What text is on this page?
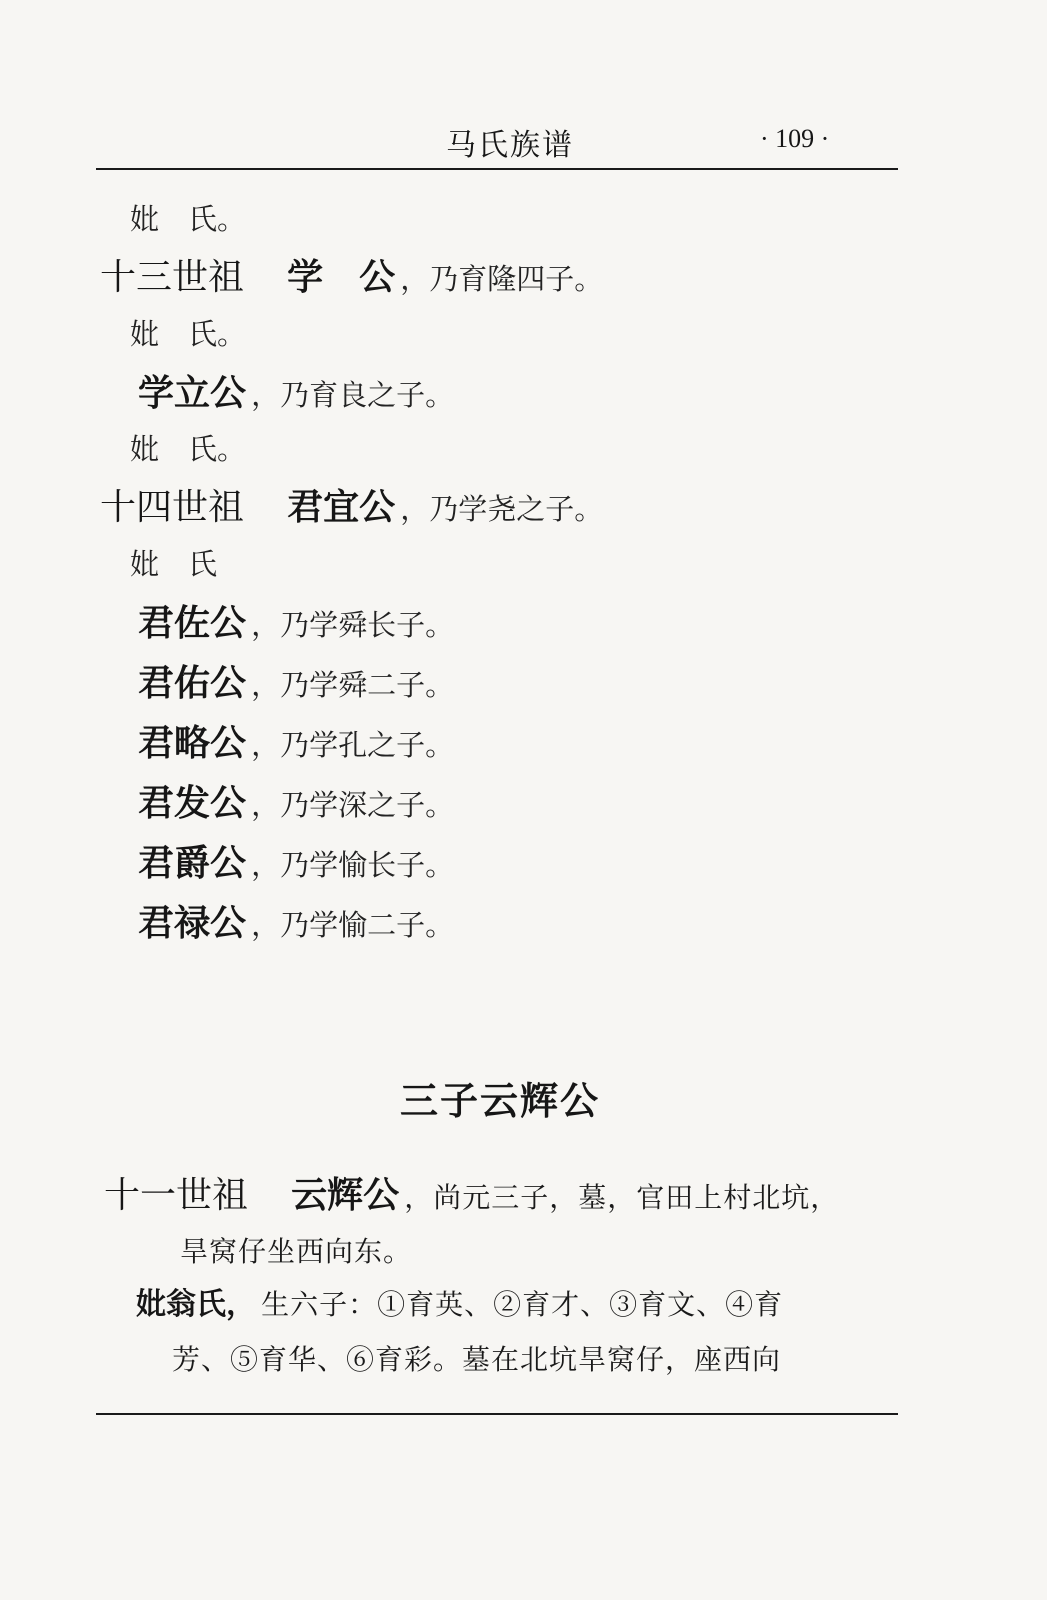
马氏族谱	· 109 ·
妣　氏。
十三世祖 学　公 ，乃育隆四子。
妣　氏。
学立公 ，乃育良之子。
妣　氏。
十四世祖 君宜公 ，乃学尧之子。
妣　氏
君佐公 ，乃学舜长子。
君佑公 ，乃学舜二子。
君略公 ，乃学孔之子。
君发公 ，乃学深之子。
君爵公 ，乃学愉长子。
君禄公 ，乃学愉二子。
三子云辉公
十一世祖 云辉公 ，尚元三子，墓，官田上村北坑，
旱窝仔坐西向东。
妣翁氏， 生六子：①育英、②育才、③育文、④育
芳、⑤育华、⑥育彩。墓在北坑旱窝仔，座西向
